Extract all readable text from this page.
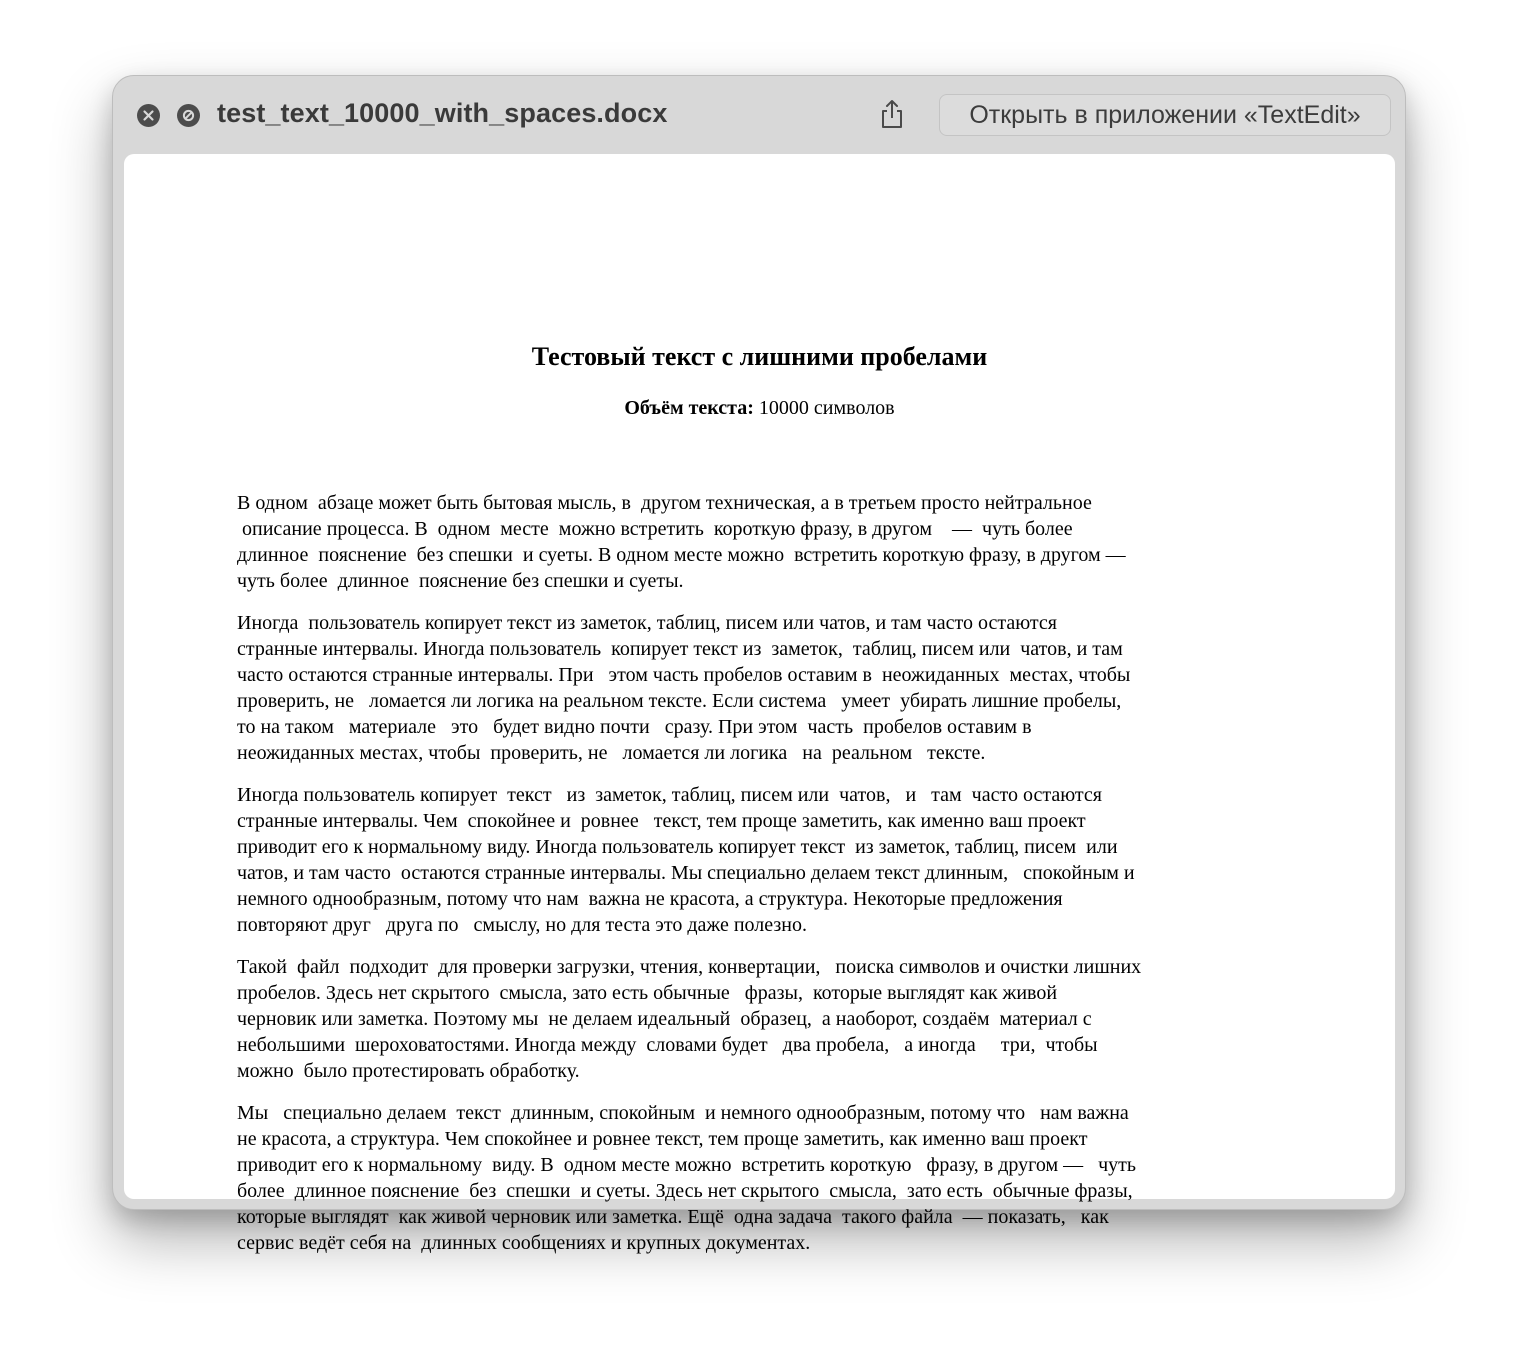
test_text_10000_with_spaces.docx	Открыть в приложении «TextEdit»
Тестовый текст с лишними пробелами
Объём текста: 10000 символов
В одном  абзаце может быть бытовая мысль, в  другом техническая, а в третьем просто нейтральное
описание процесса. В  одном  месте  можно встретить  короткую фразу, в другом    —  чуть более
длинное  пояснение  без спешки  и суеты. В одном месте можно  встретить короткую фразу, в другом —
чуть более  длинное  пояснение без спешки и суеты.
Иногда  пользователь копирует текст из заметок, таблиц, писем или чатов, и там часто остаются
странные интервалы. Иногда пользователь  копирует текст из  заметок,  таблиц, писем или  чатов, и там
часто остаются странные интервалы. При   этом часть пробелов оставим в  неожиданных  местах, чтобы
проверить, не   ломается ли логика на реальном тексте. Если система   умеет  убирать лишние пробелы,
то на таком   материале   это   будет видно почти   сразу. При этом  часть  пробелов оставим в
неожиданных местах, чтобы  проверить, не   ломается ли логика   на  реальном   тексте.
Иногда пользователь копирует  текст   из  заметок, таблиц, писем или  чатов,   и   там  часто остаются
странные интервалы. Чем  спокойнее и  ровнее   текст, тем проще заметить, как именно ваш проект
приводит его к нормальному виду. Иногда пользователь копирует текст  из заметок, таблиц, писем  или
чатов, и там часто  остаются странные интервалы. Мы специально делаем текст длинным,   спокойным и
немного однообразным, потому что нам  важна не красота, а структура. Некоторые предложения
повторяют друг   друга по   смыслу, но для теста это даже полезно.
Такой  файл  подходит  для проверки загрузки, чтения, конвертации,   поиска символов и очистки лишних
пробелов. Здесь нет скрытого  смысла, зато есть обычные   фразы,  которые выглядят как живой
черновик или заметка. Поэтому мы  не делаем идеальный  образец,  а наоборот, создаём  материал с
небольшими  шероховатостями. Иногда между  словами будет   два пробела,   а иногда     три,  чтобы
можно  было протестировать обработку.
Мы   специально делаем  текст  длинным, спокойным  и немного однообразным, потому что   нам важна
не красота, а структура. Чем спокойнее и ровнее текст, тем проще заметить, как именно ваш проект
приводит его к нормальному  виду. В  одном месте можно  встретить короткую   фразу, в другом —   чуть
более  длинное пояснение  без  спешки  и суеты. Здесь нет скрытого  смысла,  зато есть  обычные фразы,
которые выглядят  как живой черновик или заметка. Ещё  одна задача  такого файла  — показать,   как
сервис ведёт себя на  длинных сообщениях и крупных документах.
